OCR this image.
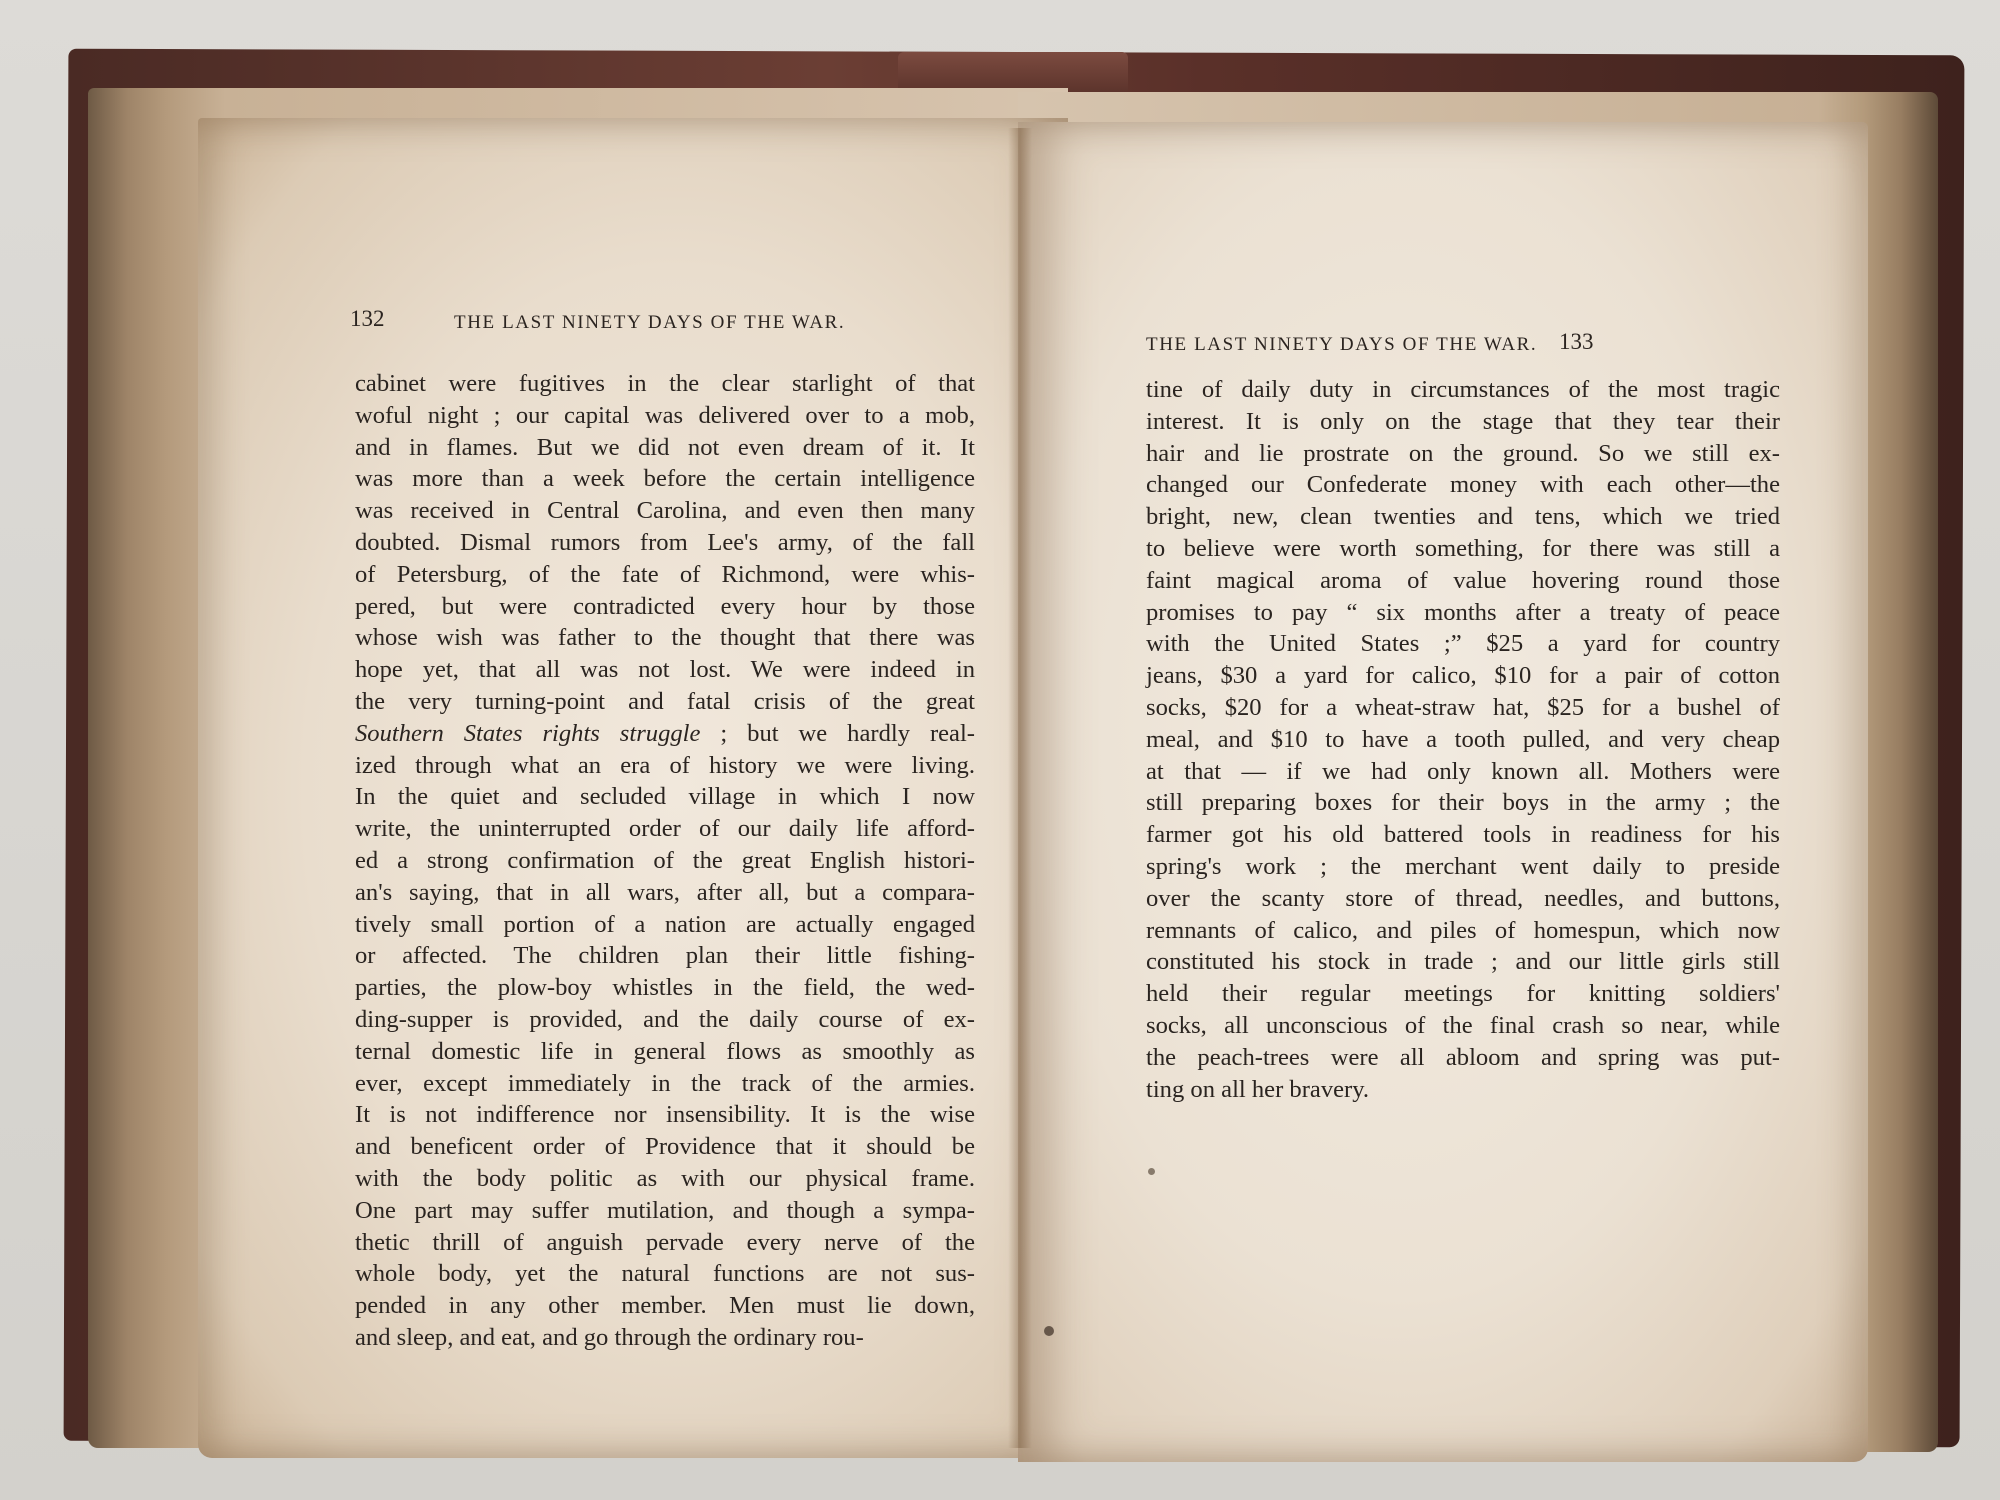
132	THE LAST NINETY DAYS OF THE WAR.
cabinet were fugitives in the clear starlight of that
woful night ; our capital was delivered over to a mob,
and in flames. But we did not even dream of it. It
was more than a week before the certain intelligence
was received in Central Carolina, and even then many
doubted. Dismal rumors from Lee's army, of the fall
of Petersburg, of the fate of Richmond, were whis-
pered, but were contradicted every hour by those
whose wish was father to the thought that there was
hope yet, that all was not lost. We were indeed in
the very turning-point and fatal crisis of the great
Southern States rights struggle ; but we hardly real-
ized through what an era of history we were living.
In the quiet and secluded village in which I now
write, the uninterrupted order of our daily life afford-
ed a strong confirmation of the great English histori-
an's saying, that in all wars, after all, but a compara-
tively small portion of a nation are actually engaged
or affected. The children plan their little fishing-
parties, the plow-boy whistles in the field, the wed-
ding-supper is provided, and the daily course of ex-
ternal domestic life in general flows as smoothly as
ever, except immediately in the track of the armies.
It is not indifference nor insensibility. It is the wise
and beneficent order of Providence that it should be
with the body politic as with our physical frame.
One part may suffer mutilation, and though a sympa-
thetic thrill of anguish pervade every nerve of the
whole body, yet the natural functions are not sus-
pended in any other member. Men must lie down,
and sleep, and eat, and go through the ordinary rou-
THE LAST NINETY DAYS OF THE WAR. 133
tine of daily duty in circumstances of the most tragic
interest. It is only on the stage that they tear their
hair and lie prostrate on the ground. So we still ex-
changed our Confederate money with each other—the
bright, new, clean twenties and tens, which we tried
to believe were worth something, for there was still a
faint magical aroma of value hovering round those
promises to pay “ six months after a treaty of peace
with the United States ;” $25 a yard for country
jeans, $30 a yard for calico, $10 for a pair of cotton
socks, $20 for a wheat-straw hat, $25 for a bushel of
meal, and $10 to have a tooth pulled, and very cheap
at that — if we had only known all. Mothers were
still preparing boxes for their boys in the army ; the
farmer got his old battered tools in readiness for his
spring's work ; the merchant went daily to preside
over the scanty store of thread, needles, and buttons,
remnants of calico, and piles of homespun, which now
constituted his stock in trade ; and our little girls still
held their regular meetings for knitting soldiers'
socks, all unconscious of the final crash so near, while
the peach-trees were all abloom and spring was put-
ting on all her bravery.
